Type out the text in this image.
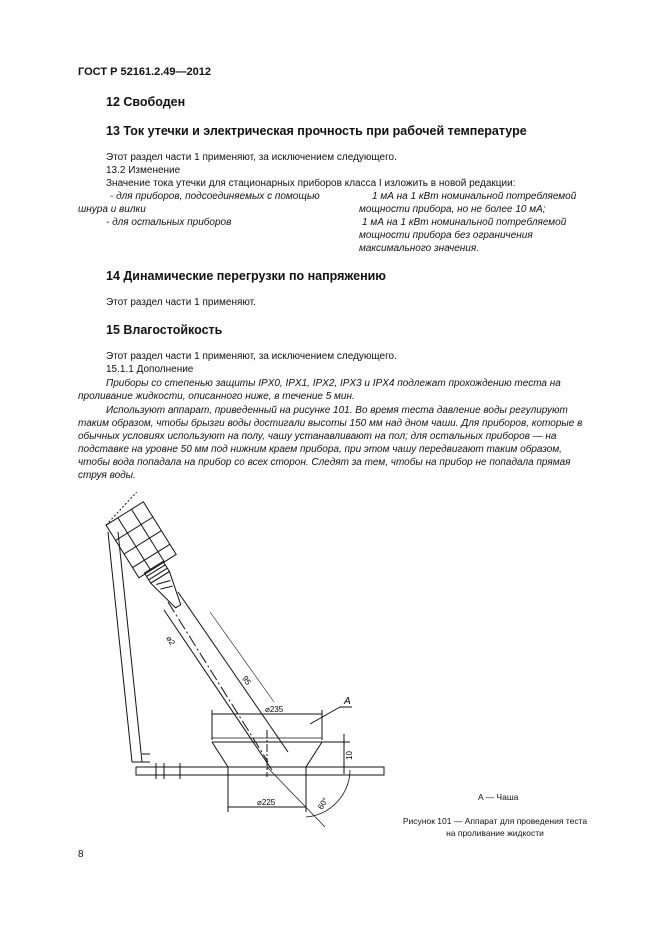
ГОСТ Р 52161.2.49—2012
12 Свободен
13 Ток утечки и электрическая прочность при рабочей температуре
Этот раздел части 1 применяют, за исключением следующего.
13.2 Изменение
Значение тока утечки для стационарных приборов класса I изложить в новой редакции:
- для приборов, подсоединяемых с помощью
шнура и вилки
1 мА на 1 кВт номинальной потребляемой
мощности прибора, но не более 10 мА;
- для остальных приборов	1 мА на 1 кВт номинальной потребляемой
мощности прибора без ограничения
максимального значения.
14 Динамические перегрузки по напряжению
Этот раздел части 1 применяют.
15 Влагостойкость
Этот раздел части 1 применяют, за исключением следующего.
15.1.1 Дополнение
Приборы со степенью защиты IPX0, IPX1, IPX2, IPX3 и IPX4 подлежат прохождению теста на проливание жидкости, описанного ниже, в течение 5 мин.
Используют аппарат, приведенный на рисунке 101. Во время теста давление воды регулируют таким образом, чтобы брызги воды достигали высоты 150 мм над дном чаши. Для приборов, которые в обычных условиях используют на полу, чашу устанавливают на пол; для остальных приборов — на подставке на уровне 50 мм под нижним краем прибора, при этом чашу передвигают таким образом, чтобы вода попадала на прибор со всех сторон. Следят за тем, чтобы на прибор не попадала прямая струя воды.
⌀2
95
⌀235
⌀225
10
60°
A
A — Чаша
Рисунок 101 — Аппарат для проведения теста
на проливание жидкости
8
